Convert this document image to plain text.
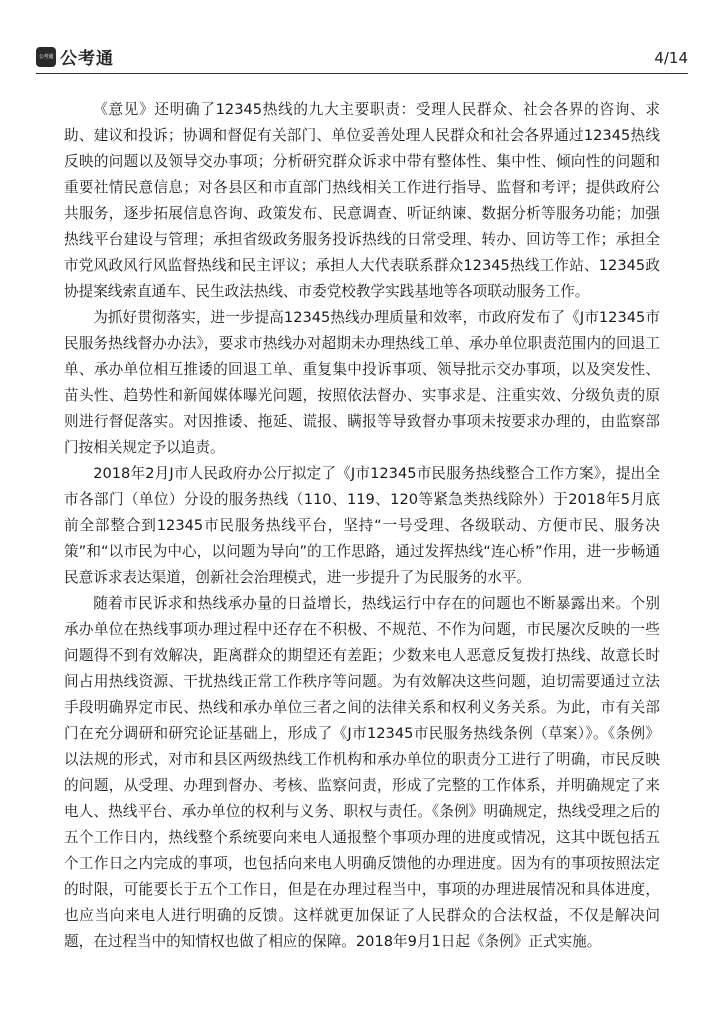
公考通 公考通	4/14

《意见》还明确了12345热线的九大主要职责：受理人民群众、社会各界的咨询、求助、建议和投诉；协调和督促有关部门、单位妥善处理人民群众和社会各界通过12345热线反映的问题以及领导交办事项；分析研究群众诉求中带有整体性、集中性、倾向性的问题和重要社情民意信息；对各县区和市直部门热线相关工作进行指导、监督和考评；提供政府公共服务，逐步拓展信息咨询、政策发布、民意调查、听证纳谏、数据分析等服务功能；加强热线平台建设与管理；承担省级政务服务投诉热线的日常受理、转办、回访等工作；承担全市党风政风行风监督热线和民主评议；承担人大代表联系群众12345热线工作站、12345政协提案线索直通车、民生政法热线、市委党校教学实践基地等各项联动服务工作。

为抓好贯彻落实，进一步提高12345热线办理质量和效率，市政府发布了《J市12345市民服务热线督办办法》，要求市热线办对超期未办理热线工单、承办单位职责范围内的回退工单、承办单位相互推诿的回退工单、重复集中投诉事项、领导批示交办事项，以及突发性、苗头性、趋势性和新闻媒体曝光问题，按照依法督办、实事求是、注重实效、分级负责的原则进行督促落实。对因推诿、拖延、谎报、瞒报等导致督办事项未按要求办理的，由监察部门按相关规定予以追责。

2018年2月J市人民政府办公厅拟定了《J市12345市民服务热线整合工作方案》，提出全市各部门（单位）分设的服务热线（110、119、120等紧急类热线除外）于2018年5月底前全部整合到12345市民服务热线平台，坚持“一号受理、各级联动、方便市民、服务决策”和“以市民为中心，以问题为导向”的工作思路，通过发挥热线“连心桥”作用，进一步畅通民意诉求表达渠道，创新社会治理模式，进一步提升了为民服务的水平。

随着市民诉求和热线承办量的日益增长，热线运行中存在的问题也不断暴露出来。个别承办单位在热线事项办理过程中还存在不积极、不规范、不作为问题，市民屡次反映的一些问题得不到有效解决，距离群众的期望还有差距；少数来电人恶意反复拨打热线、故意长时间占用热线资源、干扰热线正常工作秩序等问题。为有效解决这些问题，迫切需要通过立法手段明确界定市民、热线和承办单位三者之间的法律关系和权利义务关系。为此，市有关部门在充分调研和研究论证基础上，形成了《J市12345市民服务热线条例（草案）》。《条例》以法规的形式，对市和县区两级热线工作机构和承办单位的职责分工进行了明确，市民反映的问题，从受理、办理到督办、考核、监察问责，形成了完整的工作体系，并明确规定了来电人、热线平台、承办单位的权利与义务、职权与责任。《条例》明确规定，热线受理之后的五个工作日内，热线整个系统要向来电人通报整个事项办理的进度或情况，这其中既包括五个工作日之内完成的事项，也包括向来电人明确反馈他的办理进度。因为有的事项按照法定的时限，可能要长于五个工作日，但是在办理过程当中，事项的办理进展情况和具体进度，也应当向来电人进行明确的反馈。这样就更加保证了人民群众的合法权益，不仅是解决问题，在过程当中的知情权也做了相应的保障。2018年9月1日起《条例》正式实施。
